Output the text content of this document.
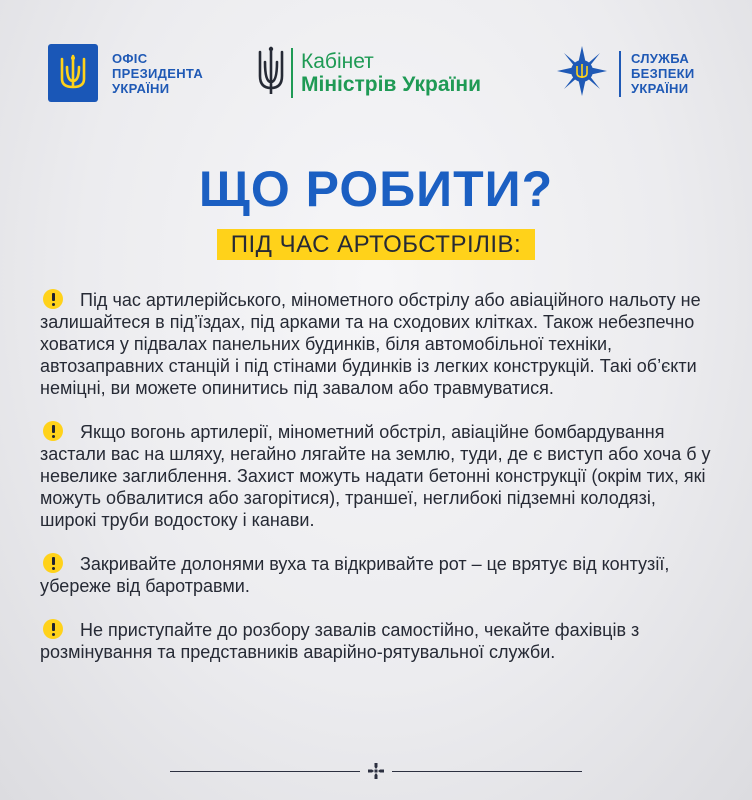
ОФІС
ПРЕЗИДЕНТА
УКРАЇНИ
Кабінет
Міністрів України
СЛУЖБА
БЕЗПЕКИ
УКРАЇНИ
ЩО РОБИТИ?
ПІД ЧАС АРТОБСТРІЛІВ:
Під час артилерійського, мінометного обстрілу або авіаційного нальоту не залишайтеся в під’їздах, під арками та на сходових клітках. Також небезпечно ховатися у підвалах панельних будинків, біля автомобільної техніки, автозаправних станцій і під стінами будинків із легких конструкцій. Такі об’єкти неміцні, ви можете опинитись під завалом або травмуватися.
Якщо вогонь артилерії, мінометний обстріл, авіаційне бомбардування застали вас на шляху, негайно лягайте на землю, туди, де є виступ або хоча б у невелике заглиблення. Захист можуть надати бетонні конструкції (окрім тих, які можуть обвалитися або загорітися), траншеї, неглибокі підземні колодязі, широкі труби водостоку і канави.
Закривайте долонями вуха та відкривайте рот – це врятує від контузії, убереже від баротравми.
Не приступайте до розбору завалів самостійно, чекайте фахівців з розмінування та представників аварійно-рятувальної служби.
